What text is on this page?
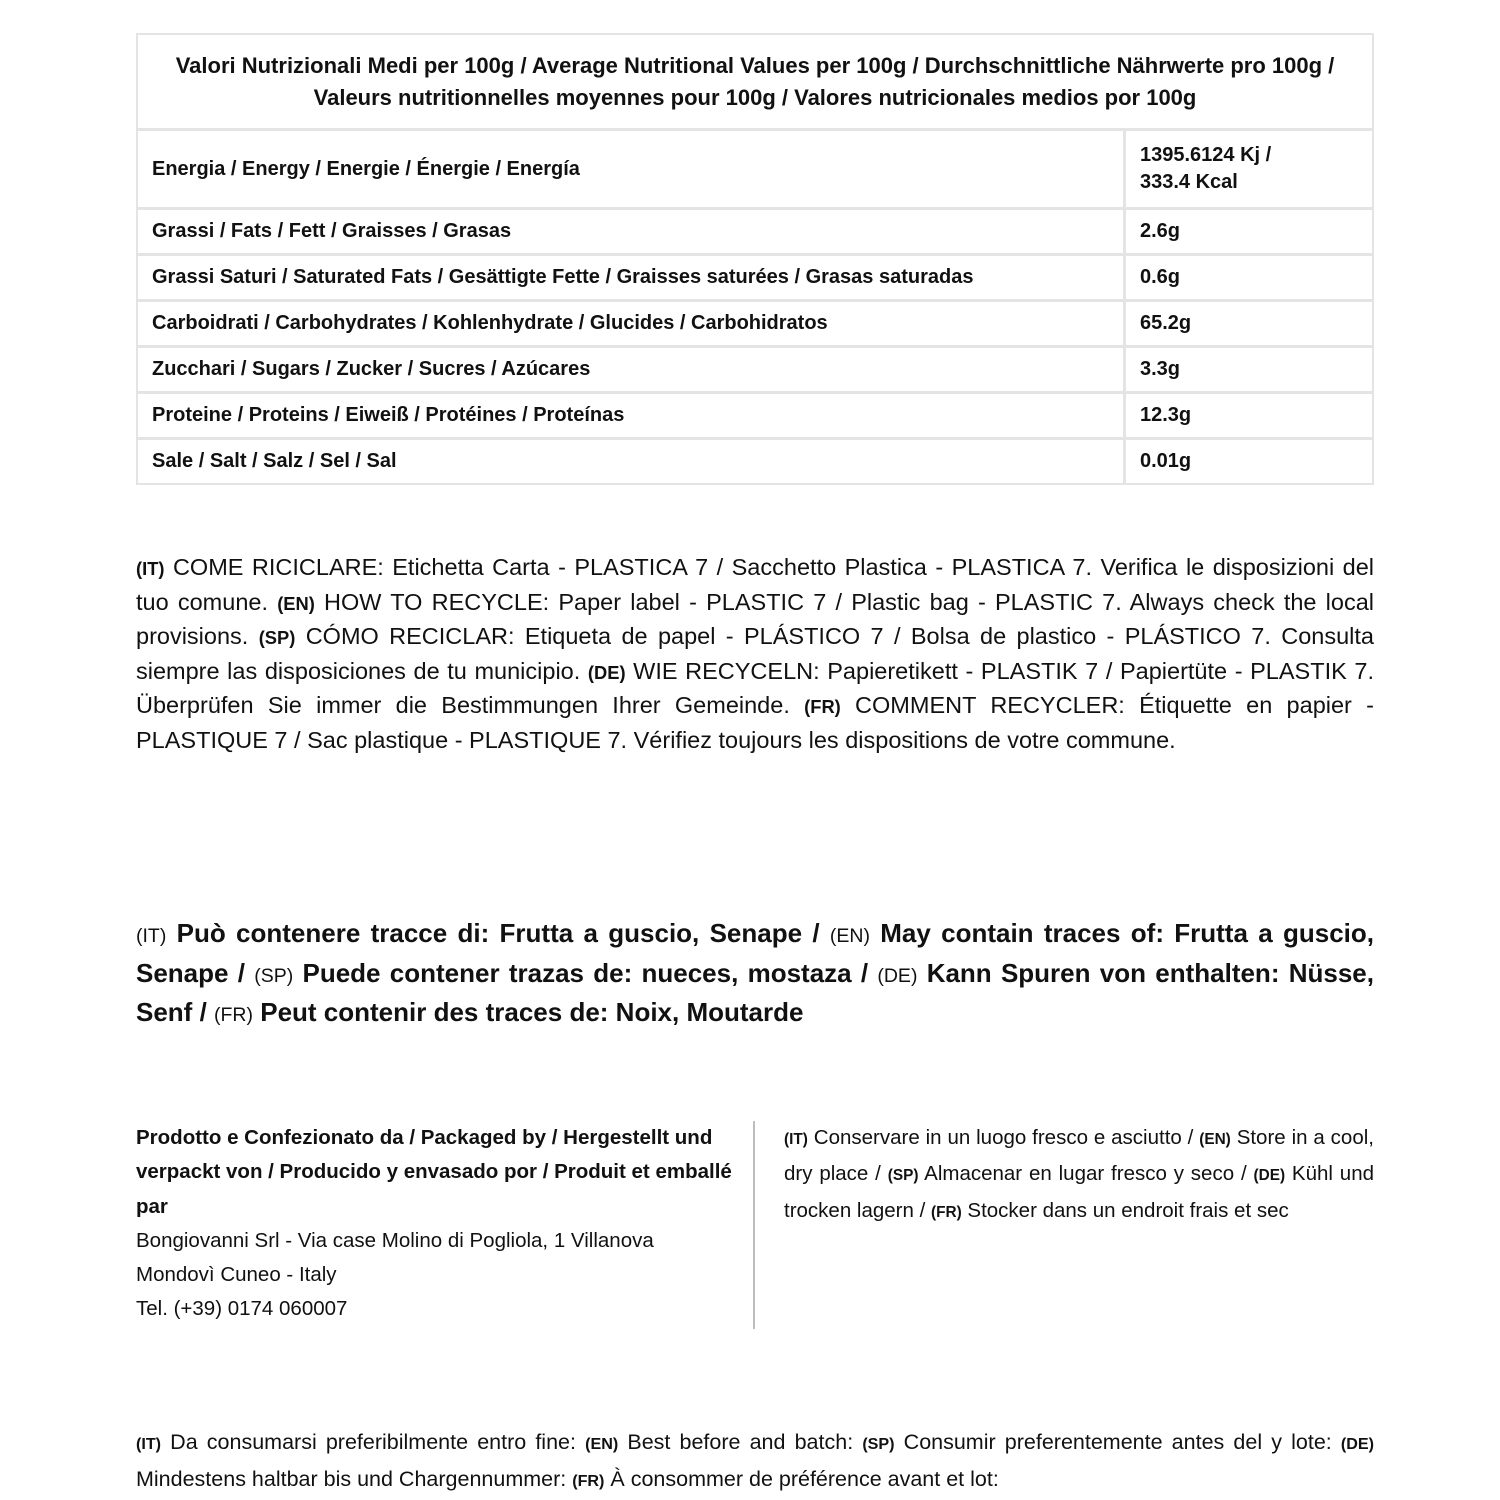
Valori Nutrizionali Medi per 100g / Average Nutritional Values per 100g / Durchschnittliche Nährwerte pro 100g / Valeurs nutritionnelles moyennes pour 100g / Valores nutricionales medios por 100g	
Energia / Energy / Energie / Énergie / Energía	1395.6124 Kj /
333.4 Kcal

Grassi / Fats / Fett / Graisses / Grasas	2.6g
Grassi Saturi / Saturated Fats / Gesättigte Fette / Graisses saturées / Grasas saturadas	0.6g
Carboidrati / Carbohydrates / Kohlenhydrate / Glucides / Carbohidratos	65.2g
Zucchari / Sugars / Zucker / Sucres / Azúcares	3.3g
Proteine / Proteins / Eiweiß / Protéines / Proteínas	12.3g
Sale / Salt / Salz / Sel / Sal	0.01g

(IT) COME RICICLARE: Etichetta Carta - PLASTICA 7 / Sacchetto Plastica - PLASTICA 7. Verifica le disposizioni del tuo comune. (EN) HOW TO RECYCLE: Paper label - PLASTIC 7 / Plastic bag - PLASTIC 7. Always check the local provisions. (SP) CÓMO RECICLAR: Etiqueta de papel - PLÁSTICO 7 / Bolsa de plastico - PLÁSTICO 7. Consulta siempre las disposiciones de tu municipio. (DE) WIE RECYCELN: Papieretikett - PLASTIK 7 / Papiertüte - PLASTIK 7. Überprüfen Sie immer die Bestimmungen Ihrer Gemeinde. (FR) COMMENT RECYCLER: Étiquette en papier - PLASTIQUE 7 / Sac plastique - PLASTIQUE 7. Vérifiez toujours les dispositions de votre commune.

(IT) Può contenere tracce di: Frutta a guscio, Senape / (EN) May contain traces of: Frutta a guscio, Senape / (SP) Puede contener trazas de: nueces, mostaza / (DE) Kann Spuren von enthalten: Nüsse, Senf / (FR) Peut contenir des traces de: Noix, Moutarde

Prodotto e Confezionato da / Packaged by / Hergestellt und verpackt von / Producido y envasado por / Produit et emballé par
Bongiovanni Srl - Via case Molino di Pogliola, 1 Villanova Mondovì Cuneo - Italy
Tel. (+39) 0174 060007

(IT) Conservare in un luogo fresco e asciutto / (EN) Store in a cool, dry place / (SP) Almacenar en lugar fresco y seco / (DE) Kühl und trocken lagern / (FR) Stocker dans un endroit frais et sec

(IT) Da consumarsi preferibilmente entro fine: (EN) Best before and batch: (SP) Consumir preferentemente antes del y lote: (DE) Mindestens haltbar bis und Chargennummer: (FR) À consommer de préférence avant et lot:
